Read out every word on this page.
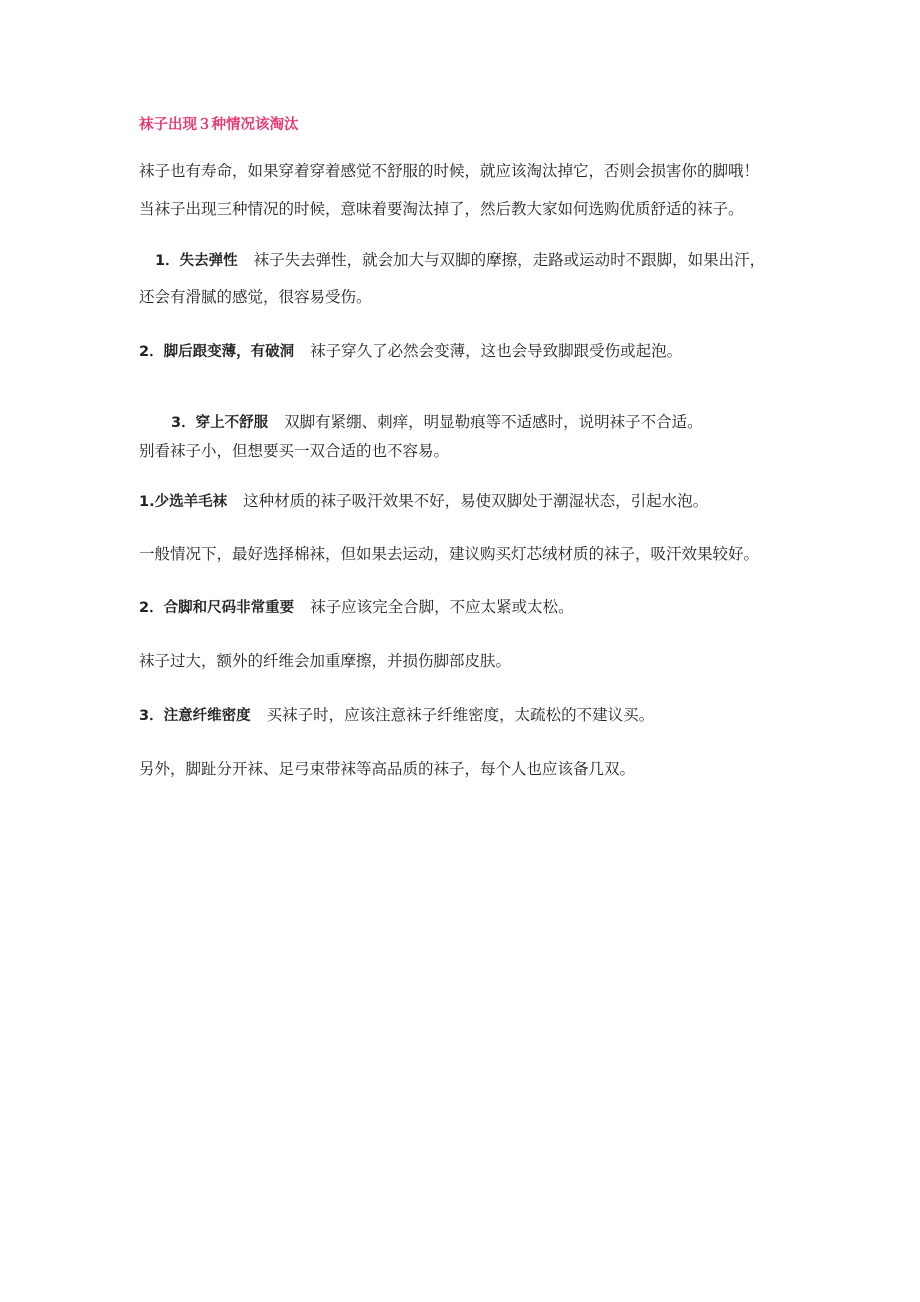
袜子出现３种情况该淘汰
袜子也有寿命，如果穿着穿着感觉不舒服的时候，就应该淘汰掉它，否则会损害你的脚哦！
当袜子出现三种情况的时候，意味着要淘汰掉了，然后教大家如何选购优质舒适的袜子。
1．失去弹性 袜子失去弹性，就会加大与双脚的摩擦，走路或运动时不跟脚，如果出汗，
还会有滑腻的感觉，很容易受伤。
2．脚后跟变薄，有破洞 袜子穿久了必然会变薄，这也会导致脚跟受伤或起泡。
3．穿上不舒服 双脚有紧绷、刺痒，明显勒痕等不适感时，说明袜子不合适。
别看袜子小，但想要买一双合适的也不容易。
1.少选羊毛袜 这种材质的袜子吸汗效果不好，易使双脚处于潮湿状态，引起水泡。
一般情况下，最好选择棉袜，但如果去运动，建议购买灯芯绒材质的袜子，吸汗效果较好。
2．合脚和尺码非常重要 袜子应该完全合脚，不应太紧或太松。
袜子过大，额外的纤维会加重摩擦，并损伤脚部皮肤。
3．注意纤维密度 买袜子时，应该注意袜子纤维密度，太疏松的不建议买。
另外，脚趾分开袜、足弓束带袜等高品质的袜子，每个人也应该备几双。
